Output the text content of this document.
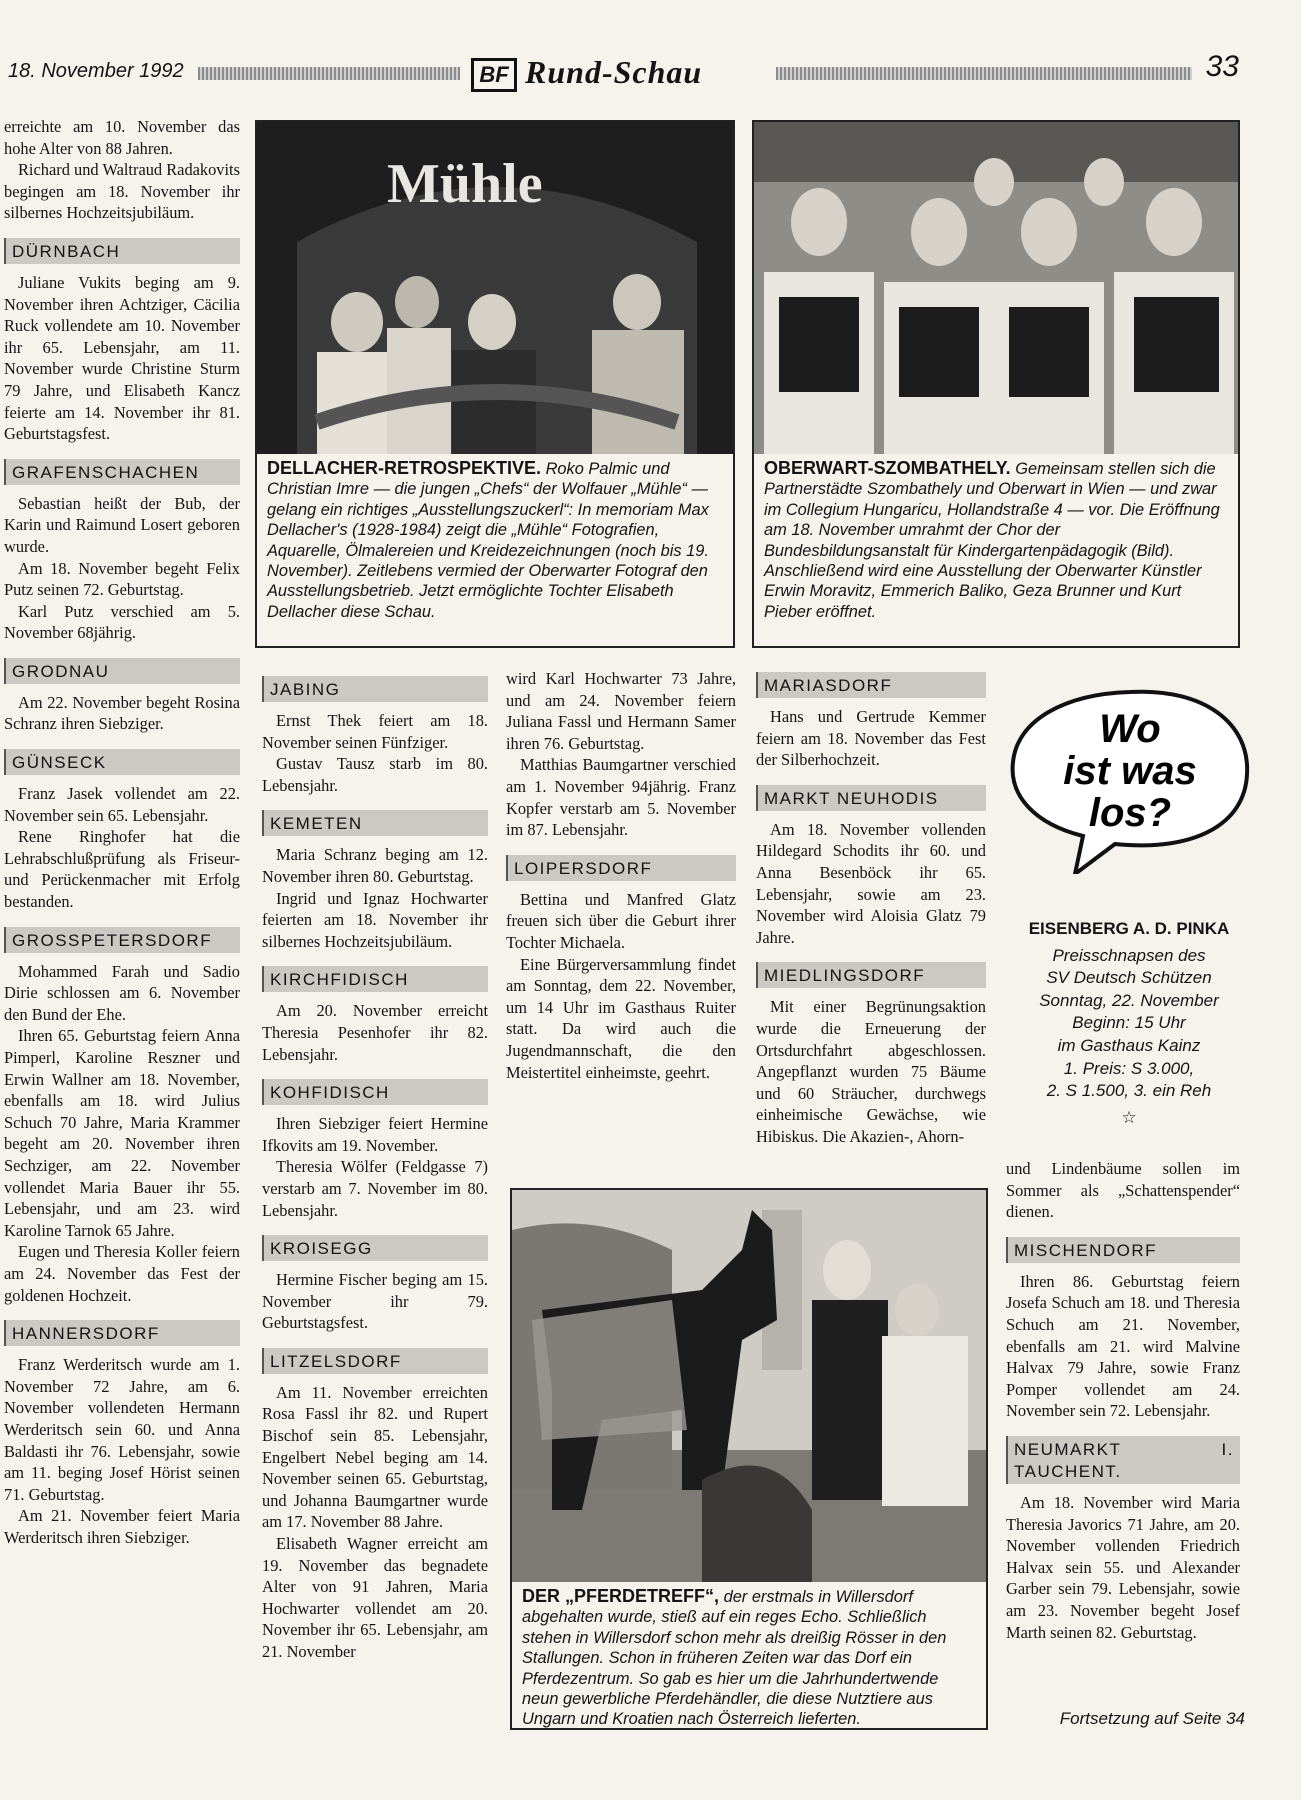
18. November 1992	BF Rund-Schau	33

erreichte am 10. November das hohe Alter von 88 Jahren.

Richard und Waltraud Radakovits begingen am 18. November ihr silbernes Hochzeitsjubiläum.

DÜRNBACH

Juliane Vukits beging am 9. November ihren Achtziger, Cäcilia Ruck vollendete am 10. November ihr 65. Lebensjahr, am 11. November wurde Christine Sturm 79 Jahre, und Elisabeth Kancz feierte am 14. November ihr 81. Geburtstagsfest.

GRAFENSCHACHEN

Sebastian heißt der Bub, der Karin und Raimund Losert geboren wurde.

Am 18. November begeht Felix Putz seinen 72. Geburtstag.

Karl Putz verschied am 5. November 68jährig.

GRODNAU

Am 22. November begeht Rosina Schranz ihren Siebziger.

GÜNSECK

Franz Jasek vollendet am 22. November sein 65. Lebensjahr.

Rene Ringhofer hat die Lehrabschlußprüfung als Friseur- und Perückenmacher mit Erfolg bestanden.

GROSSPETERSDORF

Mohammed Farah und Sadio Dirie schlossen am 6. November den Bund der Ehe.

Ihren 65. Geburtstag feiern Anna Pimperl, Karoline Reszner und Erwin Wallner am 18. November, ebenfalls am 18. wird Julius Schuch 70 Jahre, Maria Krammer begeht am 20. November ihren Sechziger, am 22. November vollendet Maria Bauer ihr 55. Lebensjahr, und am 23. wird Karoline Tarnok 65 Jahre.

Eugen und Theresia Koller feiern am 24. November das Fest der goldenen Hochzeit.

HANNERSDORF

Franz Werderitsch wurde am 1. November 72 Jahre, am 6. November vollendeten Hermann Werderitsch sein 60. und Anna Baldasti ihr 76. Lebensjahr, sowie am 11. beging Josef Hörist seinen 71. Geburtstag.

Am 21. November feiert Maria Werderitsch ihren Siebziger.

Mühle
DELLACHER-RETROSPEKTIVE. Roko Palmic und Christian Imre — die jungen „Chefs“ der Wolfauer „Mühle“ — gelang ein richtiges „Ausstellungszuckerl“: In memoriam Max Dellacher's (1928-1984) zeigt die „Mühle“ Fotografien, Aquarelle, Ölmalereien und Kreidezeichnungen (noch bis 19. November). Zeitlebens vermied der Oberwarter Fotograf den Ausstellungsbetrieb. Jetzt ermöglichte Tochter Elisabeth Dellacher diese Schau.
OBERWART-SZOMBATHELY. Gemeinsam stellen sich die Partnerstädte Szombathely und Oberwart in Wien — und zwar im Collegium Hungaricu, Hollandstraße 4 — vor. Die Eröffnung am 18. November umrahmt der Chor der Bundesbildungsanstalt für Kindergartenpädagogik (Bild). Anschließend wird eine Ausstellung der Oberwarter Künstler Erwin Moravitz, Emmerich Baliko, Geza Brunner und Kurt Pieber eröffnet.
JABING

Ernst Thek feiert am 18. November seinen Fünfziger.

Gustav Tausz starb im 80. Lebensjahr.

KEMETEN

Maria Schranz beging am 12. November ihren 80. Geburtstag.

Ingrid und Ignaz Hochwarter feierten am 18. November ihr silbernes Hochzeitsjubiläum.

KIRCHFIDISCH

Am 20. November erreicht Theresia Pesenhofer ihr 82. Lebensjahr.

KOHFIDISCH

Ihren Siebziger feiert Hermine Ifkovits am 19. November.

Theresia Wölfer (Feldgasse 7) verstarb am 7. November im 80. Lebensjahr.

KROISEGG

Hermine Fischer beging am 15. November ihr 79. Geburtstagsfest.

LITZELSDORF

Am 11. November erreichten Rosa Fassl ihr 82. und Rupert Bischof sein 85. Lebensjahr, Engelbert Nebel beging am 14. November seinen 65. Geburtstag, und Johanna Baumgartner wurde am 17. November 88 Jahre.

Elisabeth Wagner erreicht am 19. November das begnadete Alter von 91 Jahren, Maria Hochwarter vollendet am 20. November ihr 65. Lebensjahr, am 21. November

wird Karl Hochwarter 73 Jahre, und am 24. November feiern Juliana Fassl und Hermann Samer ihren 76. Geburtstag.

Matthias Baumgartner verschied am 1. November 94jährig. Franz Kopfer verstarb am 5. November im 87. Lebensjahr.

LOIPERSDORF

Bettina und Manfred Glatz freuen sich über die Geburt ihrer Tochter Michaela.

Eine Bürgerversammlung findet am Sonntag, dem 22. November, um 14 Uhr im Gasthaus Ruiter statt. Da wird auch die Jugendmannschaft, die den Meistertitel einheimste, geehrt.

MARIASDORF

Hans und Gertrude Kemmer feiern am 18. November das Fest der Silberhochzeit.

MARKT NEUHODIS

Am 18. November vollenden Hildegard Schodits ihr 60. und Anna Besenböck ihr 65. Lebensjahr, sowie am 23. November wird Aloisia Glatz 79 Jahre.

MIEDLINGSDORF

Mit einer Begrünungsaktion wurde die Erneuerung der Ortsdurchfahrt abgeschlossen. Angepflanzt wurden 75 Bäume und 60 Sträucher, durchwegs einheimische Gewächse, wie Hibiskus. Die Akazien-, Ahorn-

Wo
ist was
los?
EISENBERG A. D. PINKA
Preisschnapsen des
SV Deutsch Schützen
Sonntag, 22. November
Beginn: 15 Uhr
im Gasthaus Kainz
1. Preis: S 3.000,
2. S 1.500, 3. ein Reh
☆

und Lindenbäume sollen im Sommer als „Schattenspender“ dienen.

MISCHENDORF

Ihren 86. Geburtstag feiern Josefa Schuch am 18. und Theresia Schuch am 21. November, ebenfalls am 21. wird Malvine Halvax 79 Jahre, sowie Franz Pomper vollendet am 24. November sein 72. Lebensjahr.

NEUMARKT I. TAUCHENT.

Am 18. November wird Maria Theresia Javorics 71 Jahre, am 20. November vollenden Friedrich Halvax sein 55. und Alexander Garber sein 79. Lebensjahr, sowie am 23. November begeht Josef Marth seinen 82. Geburtstag.

DER „PFERDETREFF“, der erstmals in Willersdorf abgehalten wurde, stieß auf ein reges Echo. Schließlich stehen in Willersdorf schon mehr als dreißig Rösser in den Stallungen. Schon in früheren Zeiten war das Dorf ein Pferdezentrum. So gab es hier um die Jahrhundertwende neun gewerbliche Pferdehändler, die diese Nutztiere aus Ungarn und Kroatien nach Österreich lieferten.	Fortsetzung auf Seite 34
